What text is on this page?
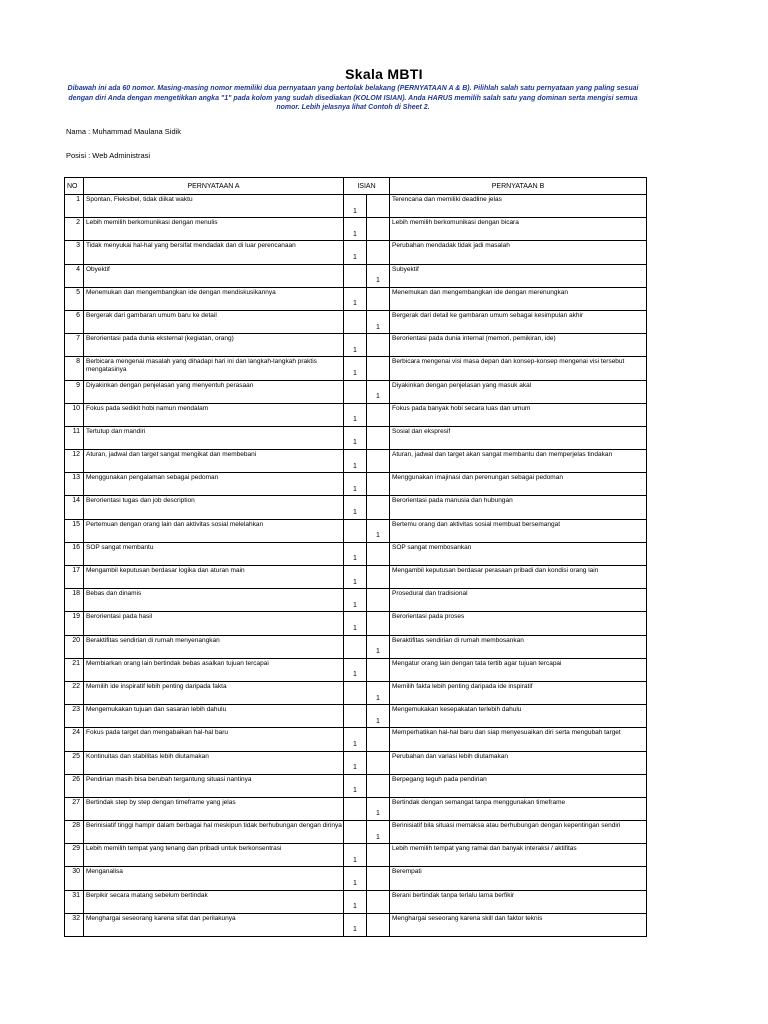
Skala MBTI
Dibawah ini ada 60 nomor. Masing-masing nomor memiliki dua pernyataan yang bertolak belakang (PERNYATAAN A & B). Pilihlah salah satu pernyataan yang paling sesuai dengan diri Anda dengan mengetikkan angka "1" pada kolom yang sudah disediakan (KOLOM ISIAN). Anda HARUS memilih salah satu yang dominan serta mengisi semua nomor. Lebih jelasnya lihat Contoh di Sheet 2.
Nama : Muhammad Maulana Sidik
Posisi : Web Administrasi
NO	PERNYATAAN A	ISIAN		PERNYATAAN B
1	Spontan, Fleksibel, tidak diikat waktu	1		Terencana dan memiliki deadline jelas
2	Lebih memilih berkomunikasi dengan menulis	1		Lebih memilih berkomunikasi dengan bicara
3	Tidak menyukai hal-hal yang bersifat mendadak dan di luar perencanaan	1		Perubahan mendadak tidak jadi masalah
4	Obyektif		1	Subyektif
5	Menemukan dan mengembangkan ide dengan mendiskusikannya	1		Menemukan dan mengembangkan ide dengan merenungkan
6	Bergerak dari gambaran umum baru ke detail		1	Bergerak dari detail ke gambaran umum sebagai kesimpulan akhir
7	Berorientasi pada dunia eksternal (kegiatan, orang)	1		Berorientasi pada dunia internal (memori, pemikiran, ide)
8	Berbicara mengenai masalah yang dihadapi hari ini dan langkah-langkah praktis mengatasinya	1		Berbicara mengenai visi masa depan dan konsep-konsep mengenai visi tersebut
9	Diyakinkan dengan penjelasan yang menyentuh perasaan		1	Diyakinkan dengan penjelasan yang masuk akal
10	Fokus pada sedikit hobi namun mendalam	1		Fokus pada banyak hobi secara luas dan umum
11	Tertutup dan mandiri	1		Sosial dan ekspresif
12	Aturan, jadwal dan target sangat mengikat dan membebani	1		Aturan, jadwal dan target akan sangat membantu dan memperjelas tindakan
13	Menggunakan pengalaman sebagai pedoman	1		Menggunakan imajinasi dan perenungan sebagai pedoman
14	Berorientasi tugas dan job description	1		Berorientasi pada manusia dan hubungan
15	Pertemuan dengan orang lain dan aktivitas sosial melelahkan		1	Bertemu orang dan aktivitas sosial membuat bersemangat
16	SOP sangat membantu	1		SOP sangat membosankan
17	Mengambil keputusan berdasar logika dan aturan main	1		Mengambil keputusan berdasar perasaan pribadi dan kondisi orang lain
18	Bebas dan dinamis	1		Prosedural dan tradisional
19	Berorientasi pada hasil	1		Berorientasi pada proses
20	Beraktifitas sendirian di rumah menyenangkan		1	Beraktifitas sendirian di rumah membosankan
21	Membiarkan orang lain bertindak bebas asalkan tujuan tercapai	1		Mengatur orang lain dengan tata tertib agar tujuan tercapai
22	Memilih ide inspiratif lebih penting daripada fakta		1	Memilih fakta lebih penting daripada ide inspiratif
23	Mengemukakan tujuan dan sasaran lebih dahulu		1	Mengemukakan kesepakatan terlebih dahulu
24	Fokus pada target dan mengabaikan hal-hal baru	1		Memperhatikan hal-hal baru dan siap menyesuaikan diri serta mengubah target
25	Kontinuitas dan stabilitas lebih diutamakan	1		Perubahan dan variasi lebih diutamakan
26	Pendirian masih bisa berubah tergantung situasi nantinya	1		Berpegang teguh pada pendirian
27	Bertindak step by step dengan timeframe yang jelas		1	Bertindak dengan semangat tanpa menggunakan timeframe
28	Berinisiatif tinggi hampir dalam berbagai hal meskipun tidak berhubungan dengan dirinya		1	Berinisiatif bila situasi memaksa atau berhubungan dengan kepentingan sendiri
29	Lebih memilih tempat yang tenang dan pribadi untuk berkonsentrasi	1		Lebih memilih tempat yang ramai dan banyak interaksi / aktifitas
30	Menganalisa	1		Berempati
31	Berpikir secara matang sebelum bertindak	1		Berani bertindak tanpa terlalu lama berfikir
32	Menghargai seseorang karena sifat dan perilakunya	1		Menghargai seseorang karena skill dan faktor teknis
